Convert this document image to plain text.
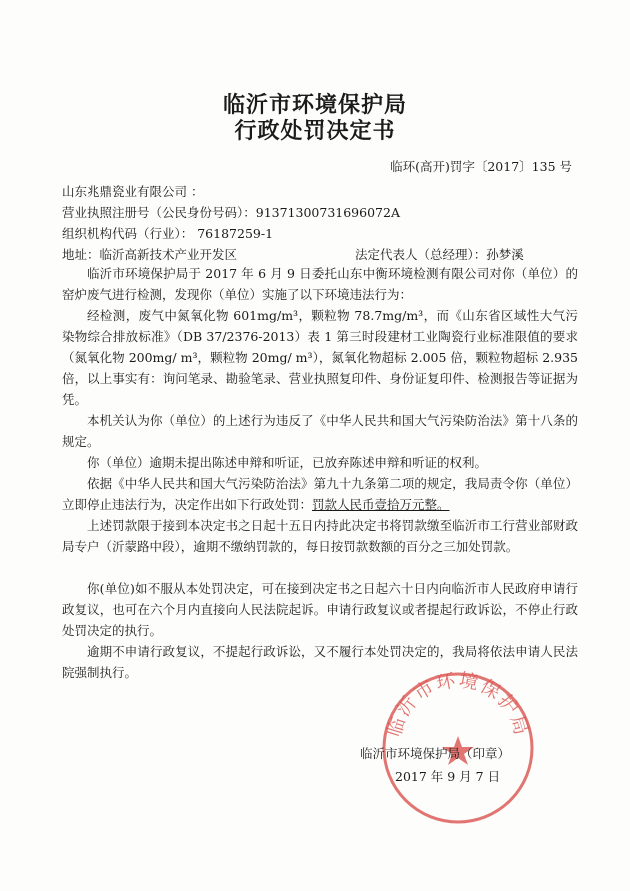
临沂市环境保护局
行政处罚决定书
临环(高开)罚字〔2017〕135 号
山东兆鼎瓷业有限公司 ：
营业执照注册号（公民身份号码）：91371300731696072A
组织机构代码（行业）： 76187259-1
地址：临沂高新技术产业开发区	法定代表人（总经理）：孙梦溪

临沂市环境保护局于 2017 年 6 月 9 日委托山东中衡环境检测有限公司对你（单位）的窑炉废气进行检测，发现你（单位）实施了以下环境违法行为：

经检测，废气中氮氧化物 601mg/m³，颗粒物 78.7mg/m³，而《山东省区域性大气污染物综合排放标准》（DB 37/2376-2013）表 1 第三时段建材工业陶瓷行业标准限值的要求（氮氧化物 200mg/ m³，颗粒物 20mg/ m³），氮氧化物超标 2.005 倍，颗粒物超标 2.935 倍，以上事实有：询问笔录、勘验笔录、营业执照复印件、身份证复印件、检测报告等证据为凭。

本机关认为你（单位）的上述行为违反了《中华人民共和国大气污染防治法》第十八条的规定。

你（单位）逾期未提出陈述申辩和听证，已放弃陈述申辩和听证的权利。

依据《中华人民共和国大气污染防治法》第九十九条第二项的规定，我局责令你（单位）立即停止违法行为，决定作出如下行政处罚：罚款人民币壹拾万元整。

上述罚款限于接到本决定书之日起十五日内持此决定书将罚款缴至临沂市工行营业部财政局专户（沂蒙路中段），逾期不缴纳罚款的，每日按罚款数额的百分之三加处罚款。

你(单位)如不服从本处罚决定，可在接到决定书之日起六十日内向临沂市人民政府申请行政复议，也可在六个月内直接向人民法院起诉。申请行政复议或者提起行政诉讼，不停止行政处罚决定的执行。

逾期不申请行政复议，不提起行政诉讼，又不履行本处罚决定的，我局将依法申请人民法院强制执行。

临沂市环境保护局
临沂市环境保护局（印章）
2017 年 9 月 7 日
